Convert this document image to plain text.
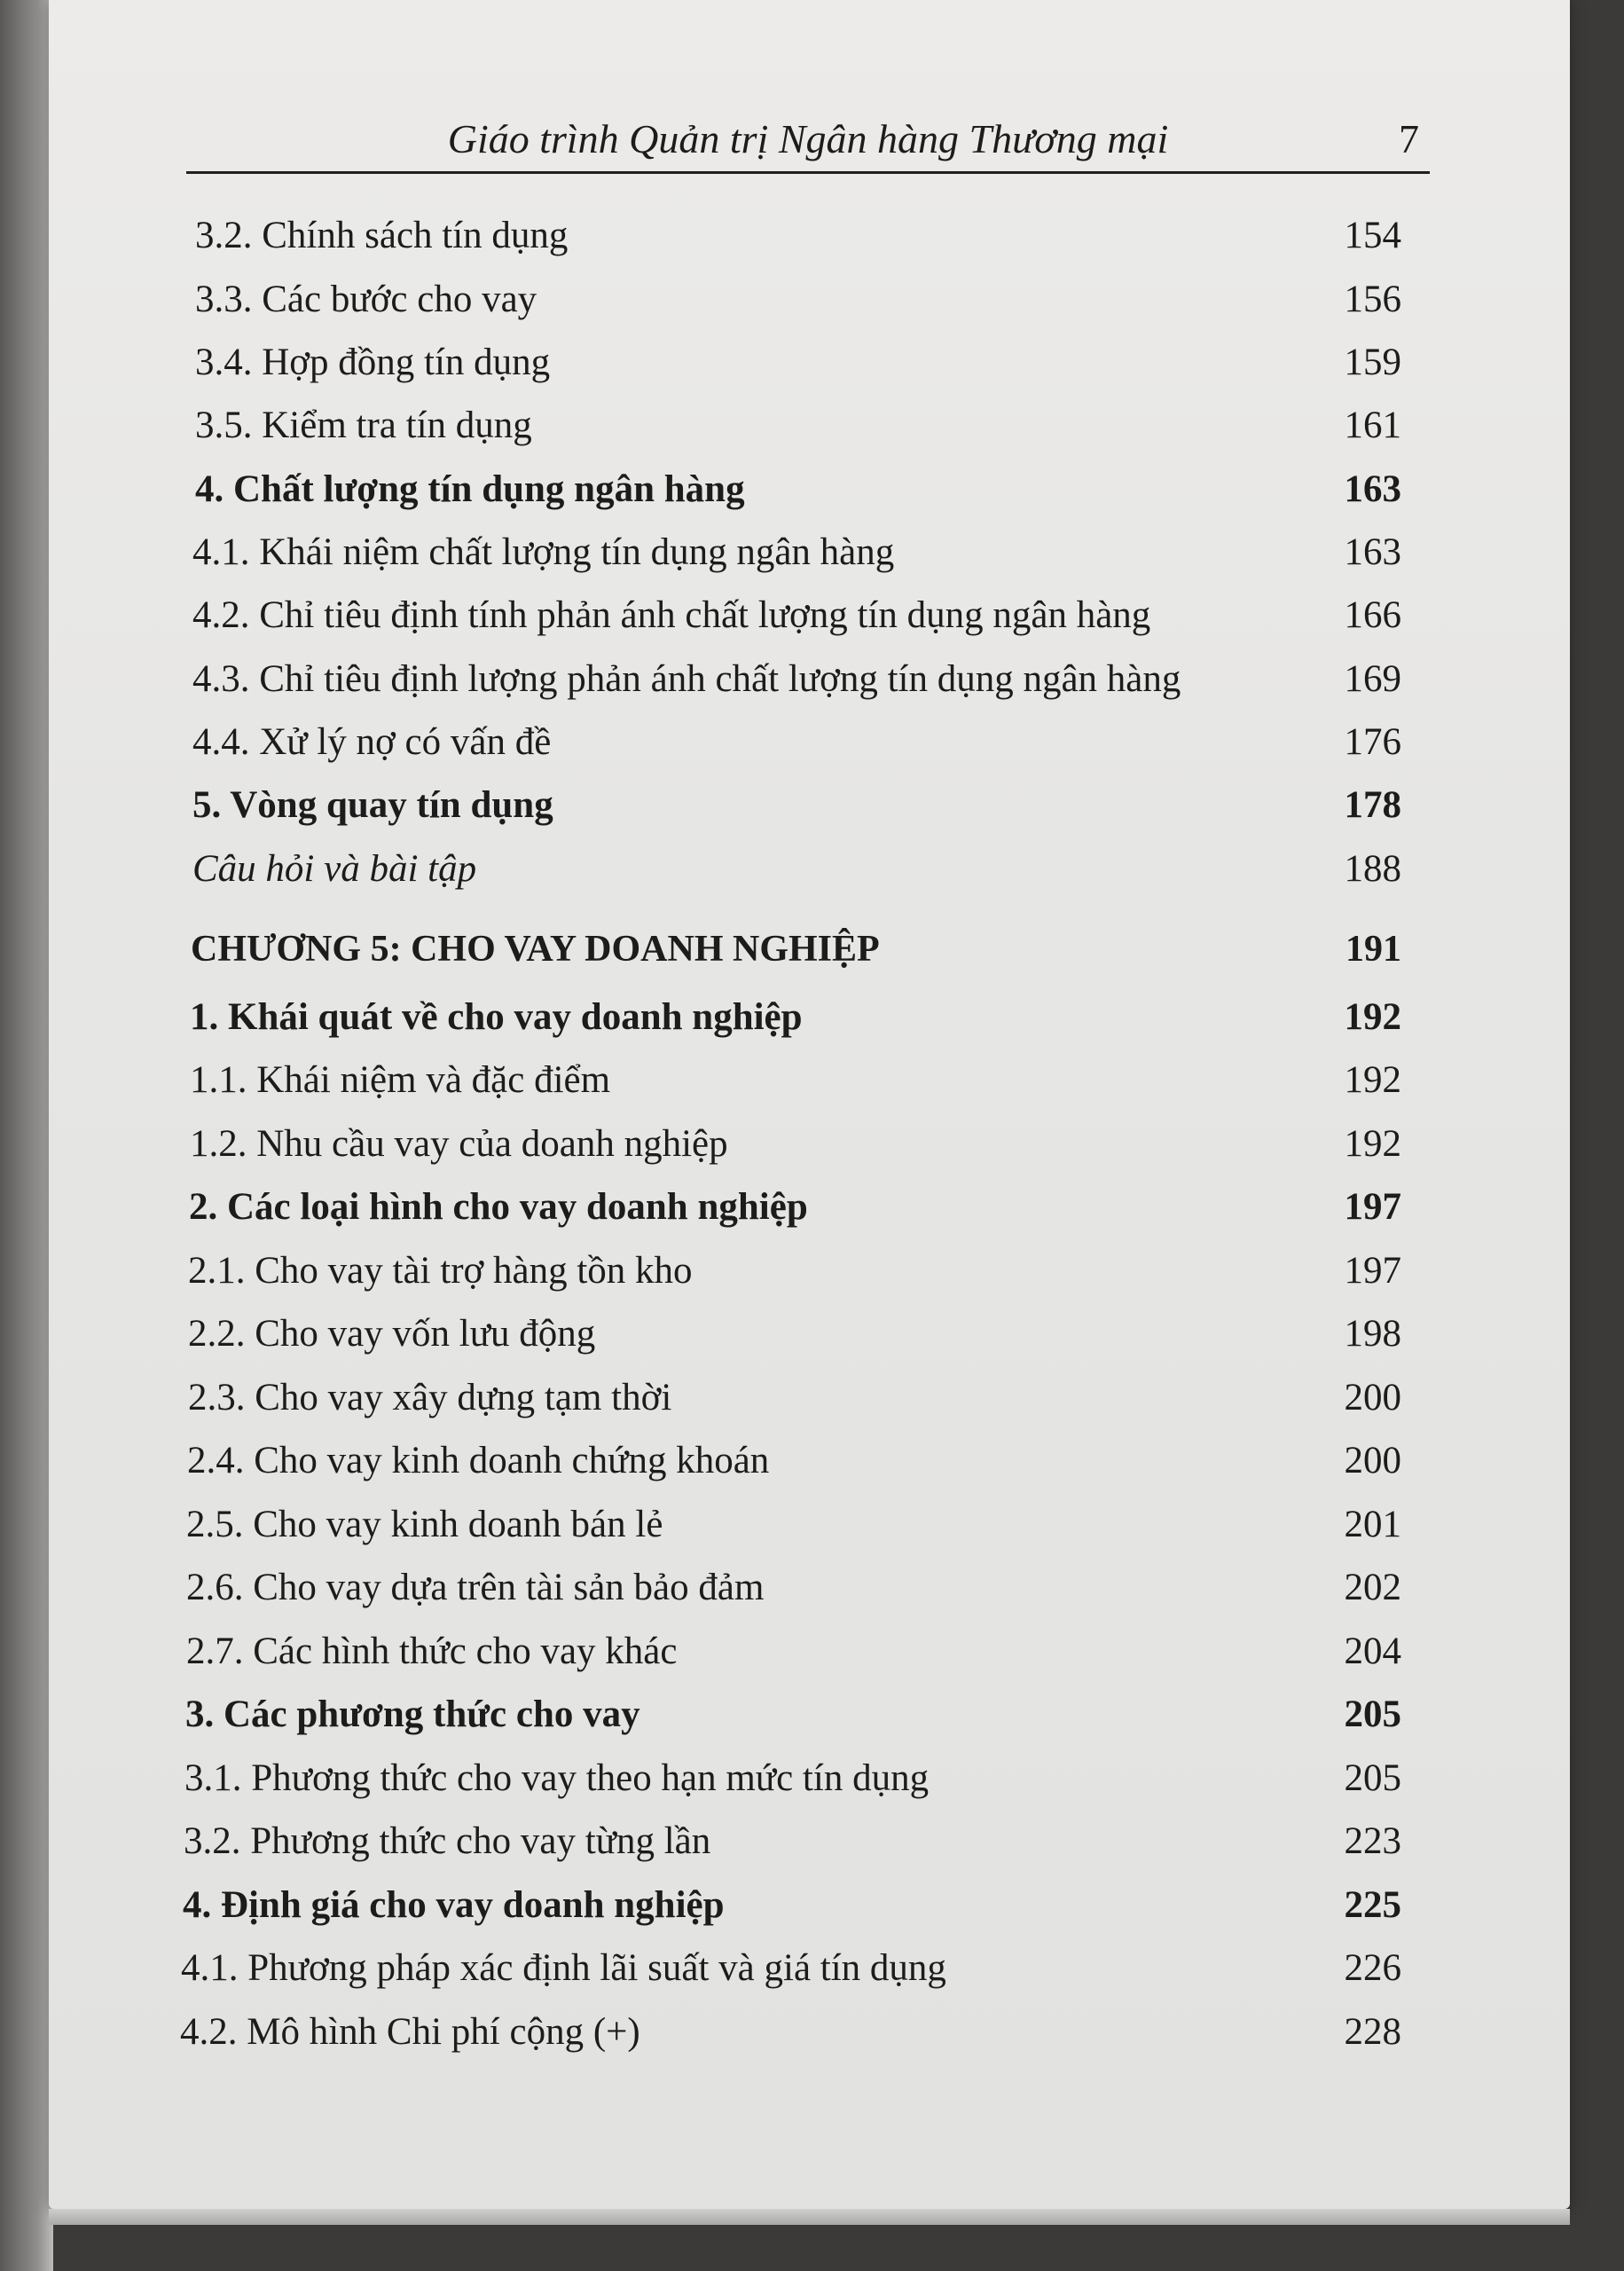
Giáo trình Quản trị Ngân hàng Thương mại	7
3.2. Chính sách tín dụng	154
3.3. Các bước cho vay	156
3.4. Hợp đồng tín dụng	159
3.5. Kiểm tra tín dụng	161
4. Chất lượng tín dụng ngân hàng	163
4.1. Khái niệm chất lượng tín dụng ngân hàng	163
4.2. Chỉ tiêu định tính phản ánh chất lượng tín dụng ngân hàng	166
4.3. Chỉ tiêu định lượng phản ánh chất lượng tín dụng ngân hàng	169
4.4. Xử lý nợ có vấn đề	176
5. Vòng quay tín dụng	178
Câu hỏi và bài tập	188
CHƯƠNG 5: CHO VAY DOANH NGHIỆP	191
1. Khái quát về cho vay doanh nghiệp	192
1.1. Khái niệm và đặc điểm	192
1.2. Nhu cầu vay của doanh nghiệp	192
2. Các loại hình cho vay doanh nghiệp	197
2.1. Cho vay tài trợ hàng tồn kho	197
2.2. Cho vay vốn lưu động	198
2.3. Cho vay xây dựng tạm thời	200
2.4. Cho vay kinh doanh chứng khoán	200
2.5. Cho vay kinh doanh bán lẻ	201
2.6. Cho vay dựa trên tài sản bảo đảm	202
2.7. Các hình thức cho vay khác	204
3. Các phương thức cho vay	205
3.1. Phương thức cho vay theo hạn mức tín dụng	205
3.2. Phương thức cho vay từng lần	223
4. Định giá cho vay doanh nghiệp	225
4.1. Phương pháp xác định lãi suất và giá tín dụng	226
4.2. Mô hình Chi phí cộng (+)	228
